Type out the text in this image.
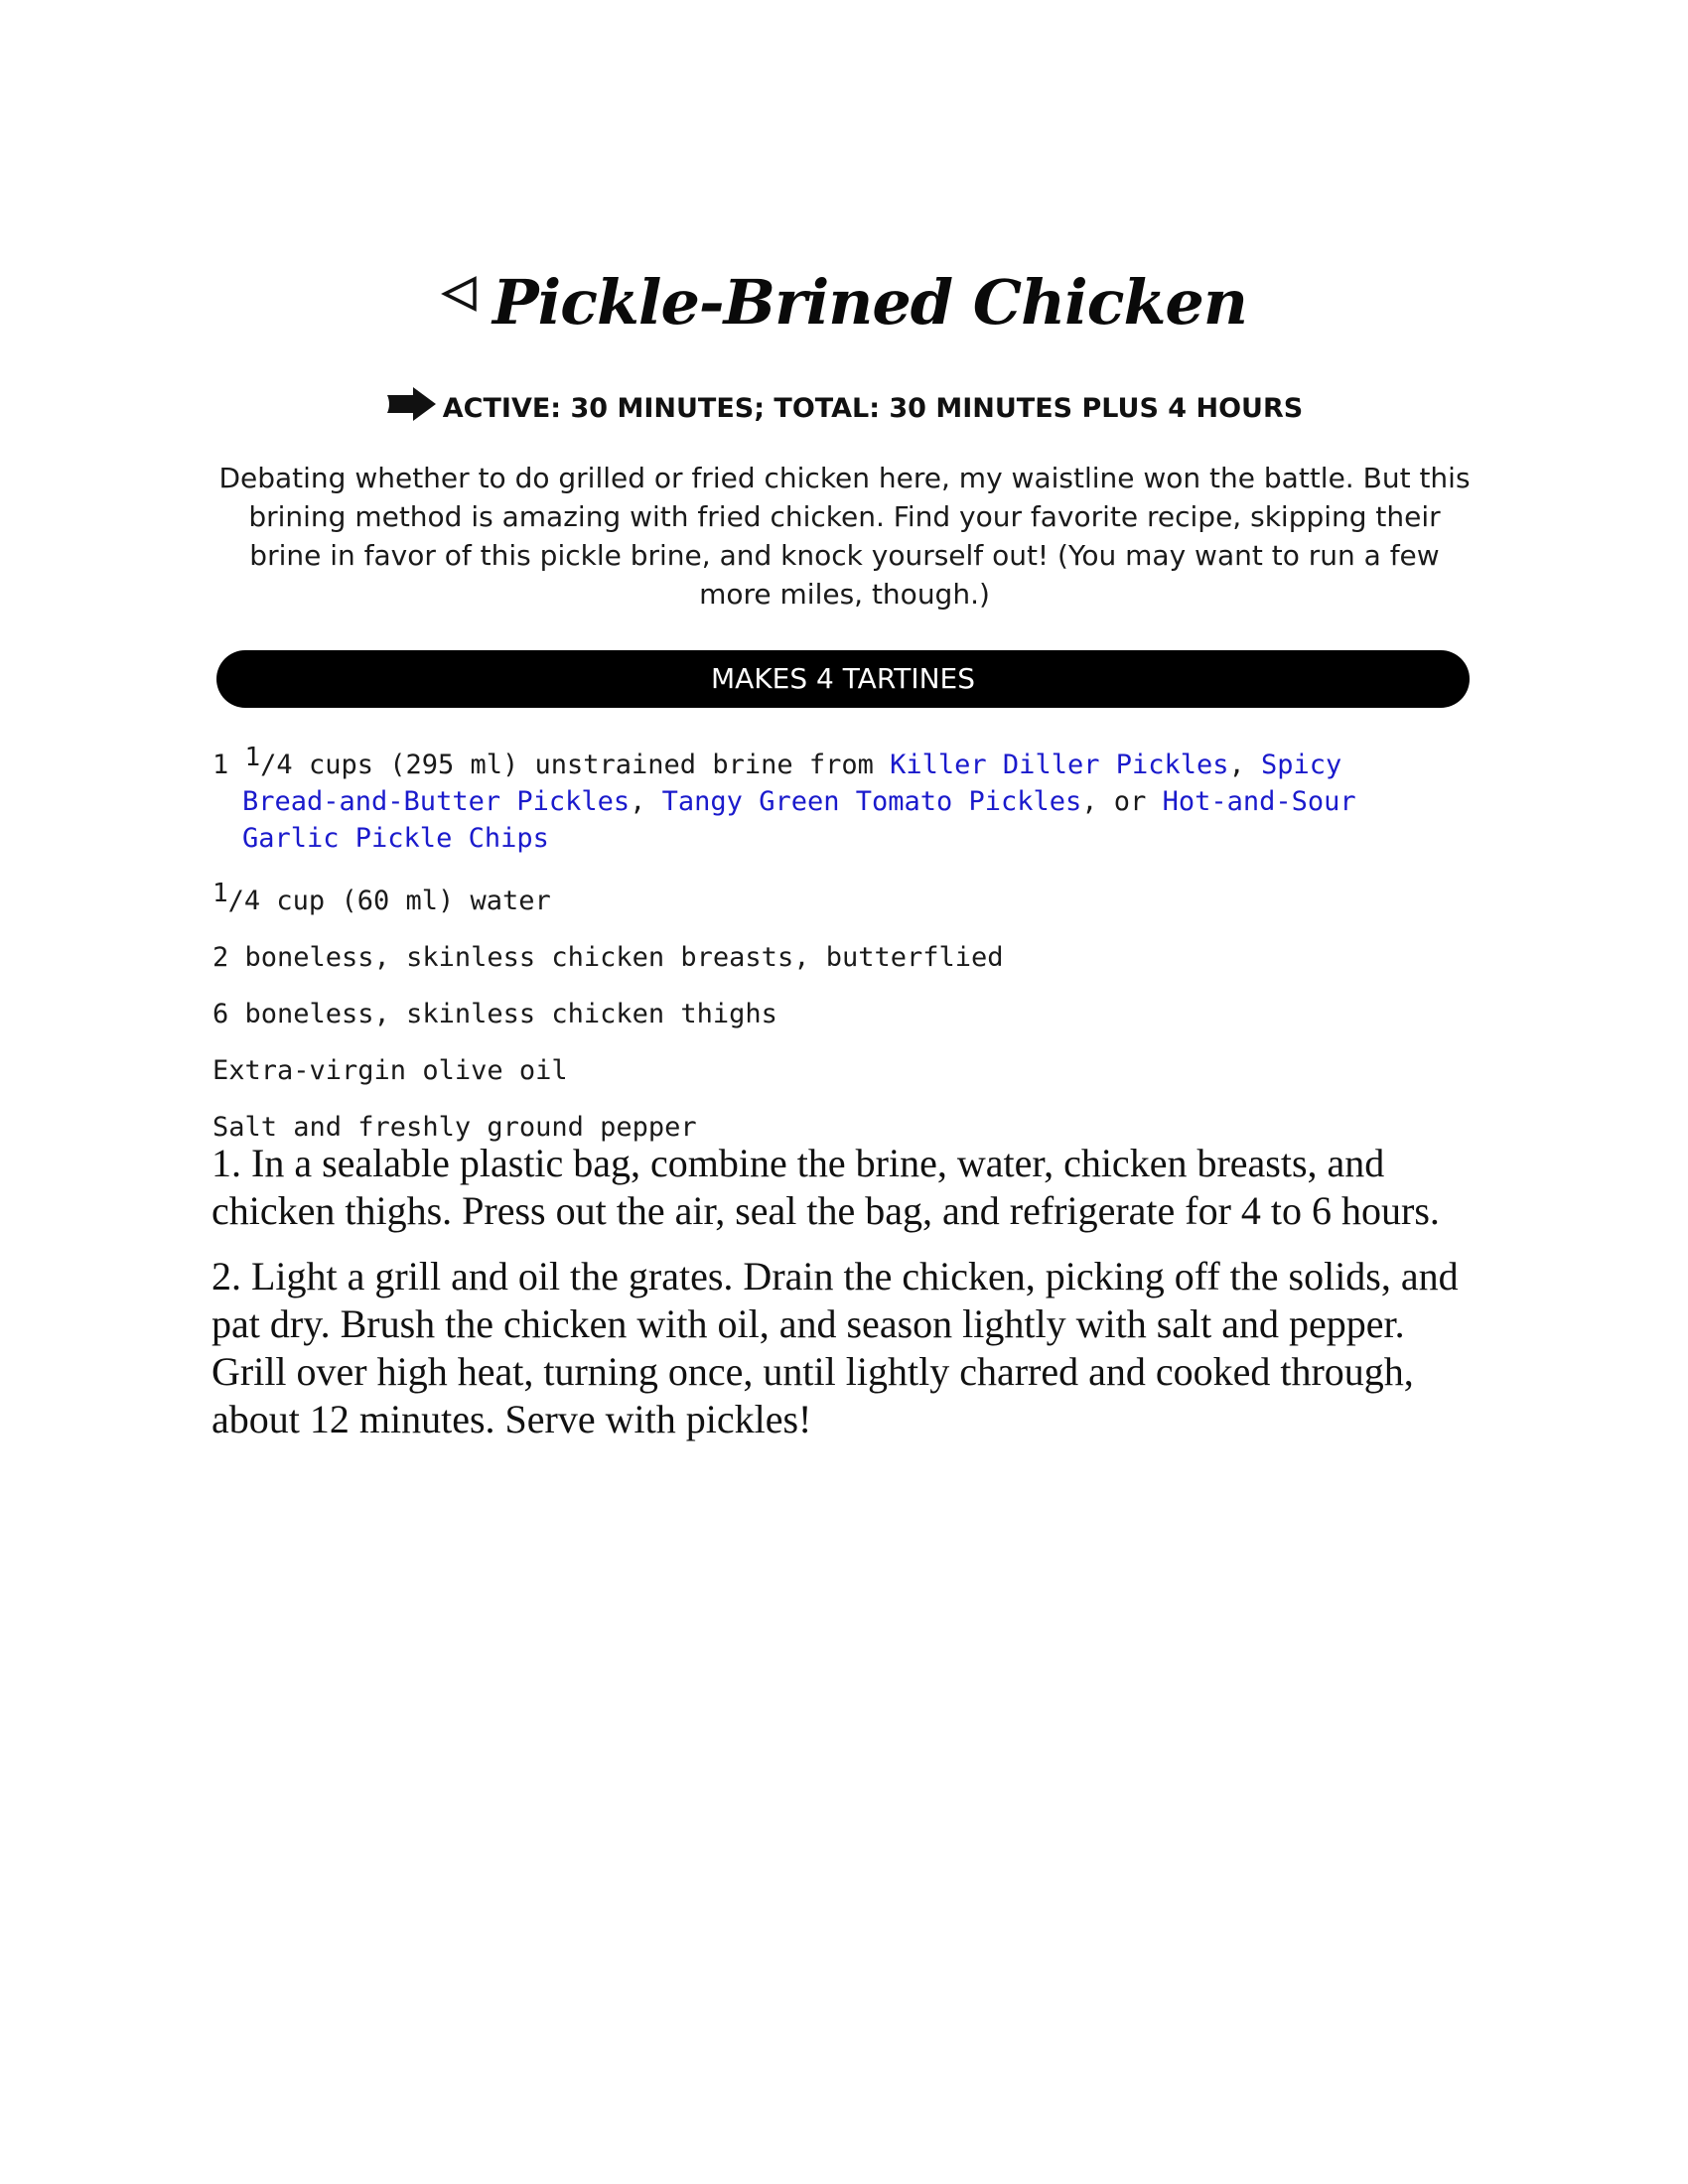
Pickle-Brined Chicken
ACTIVE: 30 MINUTES; TOTAL: 30 MINUTES PLUS 4 HOURS

Debating whether to do grilled or fried chicken here, my waistline won the battle. But this brining method is amazing with fried chicken. Find your favorite recipe, skipping their brine in favor of this pickle brine, and knock yourself out! (You may want to run a few more miles, though.)

MAKES 4 TARTINES
1 $^1$/4 cups (295 ml) unstrained brine from Killer Diller Pickles, Spicy Bread-and-Butter Pickles, Tangy Green Tomato Pickles, or Hot-and-Sour Garlic Pickle Chips
$^1$/4 cup (60 ml) water
2 boneless, skinless chicken breasts, butterflied
6 boneless, skinless chicken thighs
Extra-virgin olive oil
Salt and freshly ground pepper

1. In a sealable plastic bag, combine the brine, water, chicken breasts, and chicken thighs. Press out the air, seal the bag, and refrigerate for 4 to 6 hours.

2. Light a grill and oil the grates. Drain the chicken, picking off the solids, and pat dry. Brush the chicken with oil, and season lightly with salt and pepper. Grill over high heat, turning once, until lightly charred and cooked through, about 12 minutes. Serve with pickles!
